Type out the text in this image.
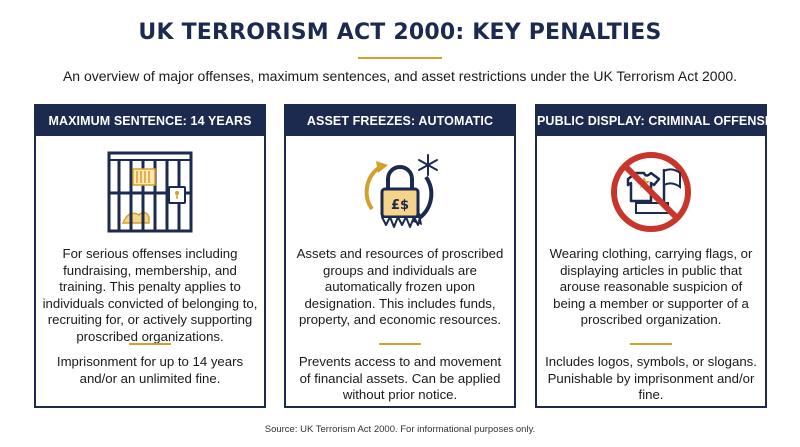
UK TERRORISM ACT 2000: KEY PENALTIES
An overview of major offenses, maximum sentences, and asset restrictions under the UK Terrorism Act 2000.
MAXIMUM SENTENCE: 14 YEARS
For serious offenses including fundraising, membership, and training. This penalty applies to individuals convicted of belonging to, recruiting for, or actively supporting proscribed organizations.
Imprisonment for up to 14 years and/or an unlimited fine.
ASSET FREEZES: AUTOMATIC
£$
Assets and resources of proscribed groups and individuals are automatically frozen upon designation. This includes funds, property, and economic resources.
Prevents access to and movement of financial assets. Can be applied without prior notice.
PUBLIC DISPLAY: CRIMINAL OFFENSE
Wearing clothing, carrying flags, or displaying articles in public that arouse reasonable suspicion of being a member or supporter of a proscribed organization.
Includes logos, symbols, or slogans. Punishable by imprisonment and/or fine.
Source: UK Terrorism Act 2000. For informational purposes only.
